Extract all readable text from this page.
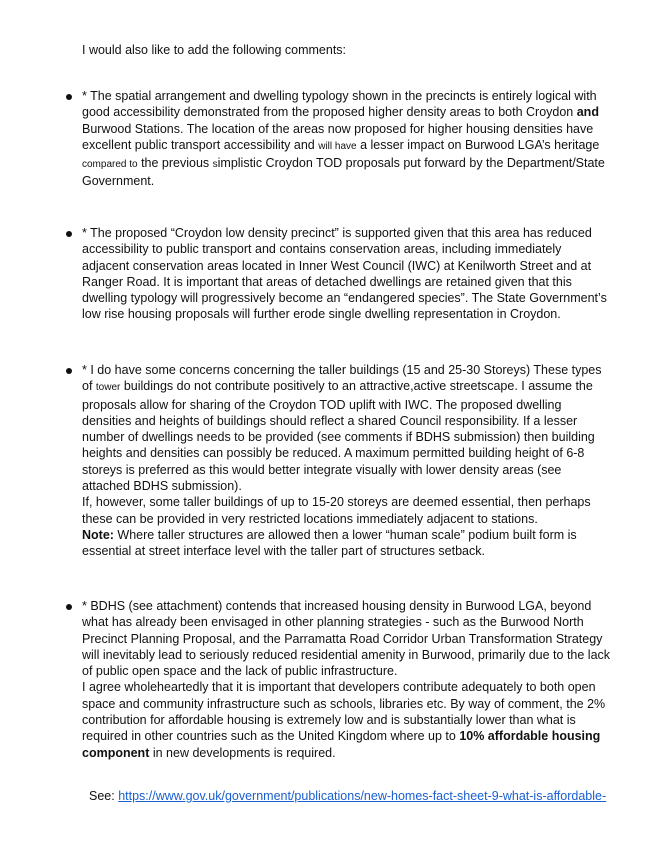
I would also like to add the following comments:

* The spatial arrangement and dwelling typology shown in the precincts is entirely logical with good accessibility demonstrated from the proposed higher density areas to both Croydon and Burwood Stations. The location of the areas now proposed for higher housing densities have excellent public transport accessibility and will have a lesser impact on Burwood LGA’s heritage compared to the previous simplistic Croydon TOD proposals put forward by the Department/State Government.

* The proposed “Croydon low density precinct” is supported given that this area has reduced accessibility to public transport and contains conservation areas, including immediately adjacent conservation areas located in Inner West Council (IWC) at Kenilworth Street and at Ranger Road. It is important that areas of detached dwellings are retained given that this dwelling typology will progressively become an “endangered species”. The State Government’s low rise housing proposals will further erode single dwelling representation in Croydon.

* I do have some concerns concerning the taller buildings (15 and 25-30 Storeys) These types of tower buildings do not contribute positively to an attractive,active streetscape. I assume the proposals allow for sharing of the Croydon TOD uplift with IWC. The proposed dwelling densities and heights of buildings should reflect a shared Council responsibility. If a lesser number of dwellings needs to be provided (see comments if BDHS submission) then building heights and densities can possibly be reduced. A maximum permitted building height of 6-8 storeys is preferred as this would better integrate visually with lower density areas (see attached BDHS submission).

If, however, some taller buildings of up to 15-20 storeys are deemed essential, then perhaps these can be provided in very restricted locations immediately adjacent to stations.

Note: Where taller structures are allowed then a lower “human scale” podium built form is essential at street interface level with the taller part of structures setback.

* BDHS (see attachment) contends that increased housing density in Burwood LGA, beyond what has already been envisaged in other planning strategies - such as the Burwood North Precinct Planning Proposal, and the Parramatta Road Corridor Urban Transformation Strategy will inevitably lead to seriously reduced residential amenity in Burwood, primarily due to the lack of public open space and the lack of public infrastructure.

I agree wholeheartedly that it is important that developers contribute adequately to both open space and community infrastructure such as schools, libraries etc. By way of comment, the 2% contribution for affordable housing is extremely low and is substantially lower than what is required in other countries such as the United Kingdom where up to 10% affordable housing component in new developments is required.

See: https://www.gov.uk/government/publications/new-homes-fact-sheet-9-what-is-affordable-
